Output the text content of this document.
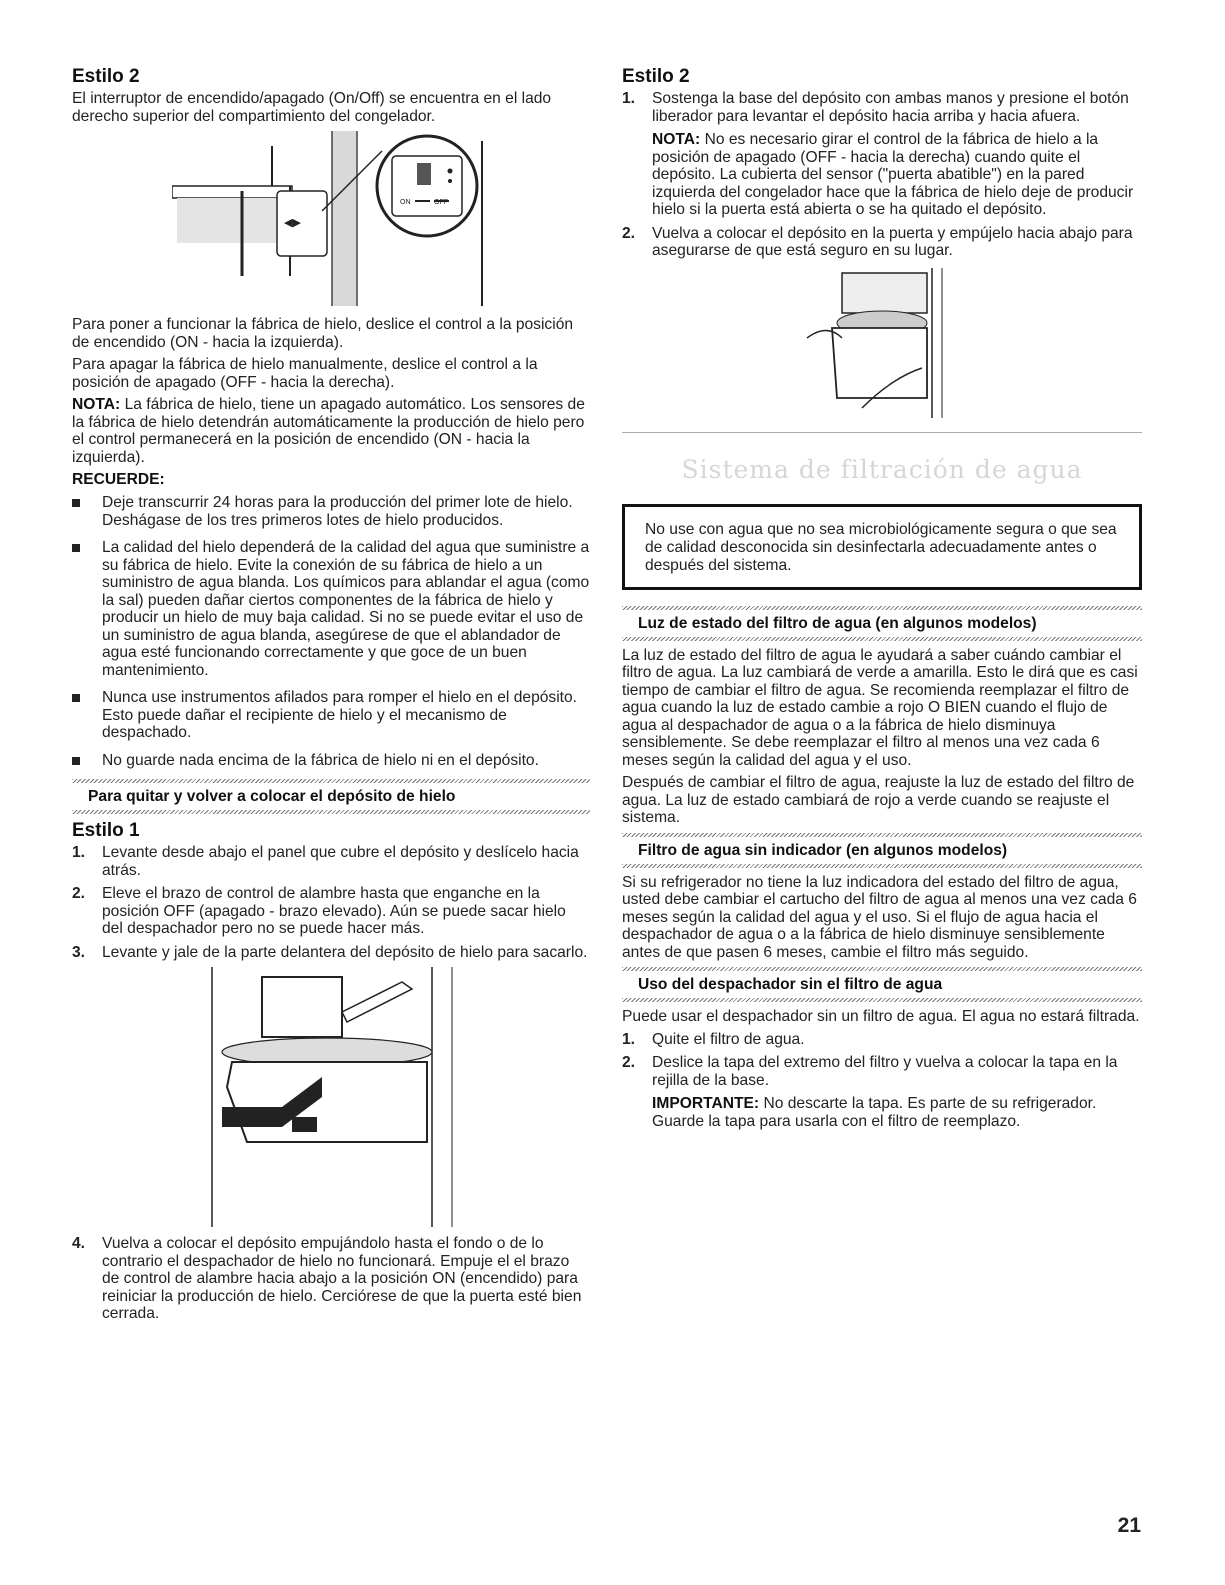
Estilo 2

El interruptor de encendido/apagado (On/Off) se encuentra en el lado derecho superior del compartimiento del congelador.

◀▶
ON	OFF

Para poner a funcionar la fábrica de hielo, deslice el control a la posición de encendido (ON - hacia la izquierda).

Para apagar la fábrica de hielo manualmente, deslice el control a la posición de apagado (OFF - hacia la derecha).

NOTA: La fábrica de hielo, tiene un apagado automático. Los sensores de la fábrica de hielo detendrán automáticamente la producción de hielo pero el control permanecerá en la posición de encendido (ON - hacia la izquierda).

RECUERDE:
Deje transcurrir 24 horas para la producción del primer lote de hielo. Deshágase de los tres primeros lotes de hielo producidos.
La calidad del hielo dependerá de la calidad del agua que suministre a su fábrica de hielo. Evite la conexión de su fábrica de hielo a un suministro de agua blanda. Los químicos para ablandar el agua (como la sal) pueden dañar ciertos componentes de la fábrica de hielo y producir un hielo de muy baja calidad. Si no se puede evitar el uso de un suministro de agua blanda, asegúrese de que el ablandador de agua esté funcionando correctamente y que goce de un buen mantenimiento.
Nunca use instrumentos afilados para romper el hielo en el depósito. Esto puede dañar el recipiente de hielo y el mecanismo de despachado.
No guarde nada encima de la fábrica de hielo ni en el depósito.
Para quitar y volver a colocar el depósito de hielo
Estilo 1
1. Levante desde abajo el panel que cubre el depósito y deslícelo hacia atrás.
2. Eleve el brazo de control de alambre hasta que enganche en la posición OFF (apagado - brazo elevado). Aún se puede sacar hielo del despachador pero no se puede hacer más.
3. Levante y jale de la parte delantera del depósito de hielo para sacarlo.
4. Vuelva a colocar el depósito empujándolo hasta el fondo o de lo contrario el despachador de hielo no funcionará. Empuje el el brazo de control de alambre hacia abajo a la posición ON (encendido) para reiniciar la producción de hielo. Cerciórese de que la puerta esté bien cerrada.
Estilo 2
1. Sostenga la base del depósito con ambas manos y presione el botón liberador para levantar el depósito hacia arriba y hacia afuera.

NOTA: No es necesario girar el control de la fábrica de hielo a la posición de apagado (OFF - hacia la derecha) cuando quite el depósito. La cubierta del sensor ("puerta abatible") en la pared izquierda del congelador hace que la fábrica de hielo deje de producir hielo si la puerta está abierta o se ha quitado el depósito.

2. Vuelva a colocar el depósito en la puerta y empújelo hacia abajo para asegurarse de que está seguro en su lugar.
Sistema de filtración de agua

No use con agua que no sea microbiológicamente segura o que sea de calidad desconocida sin desinfectarla adecuadamente antes o después del sistema.

Luz de estado del filtro de agua (en algunos modelos)

La luz de estado del filtro de agua le ayudará a saber cuándo cambiar el filtro de agua. La luz cambiará de verde a amarilla. Esto le dirá que es casi tiempo de cambiar el filtro de agua. Se recomienda reemplazar el filtro de agua cuando la luz de estado cambie a rojo O BIEN cuando el flujo de agua al despachador de agua o a la fábrica de hielo disminuya sensiblemente. Se debe reemplazar el filtro al menos una vez cada 6 meses según la calidad del agua y el uso.

Después de cambiar el filtro de agua, reajuste la luz de estado del filtro de agua. La luz de estado cambiará de rojo a verde cuando se reajuste el sistema.

Filtro de agua sin indicador (en algunos modelos)

Si su refrigerador no tiene la luz indicadora del estado del filtro de agua, usted debe cambiar el cartucho del filtro de agua al menos una vez cada 6 meses según la calidad del agua y el uso. Si el flujo de agua hacia el despachador de agua o a la fábrica de hielo disminuye sensiblemente antes de que pasen 6 meses, cambie el filtro más seguido.

Uso del despachador sin el filtro de agua

Puede usar el despachador sin un filtro de agua. El agua no estará filtrada.

1. Quite el filtro de agua.
2. Deslice la tapa del extremo del filtro y vuelva a colocar la tapa en la rejilla de la base.

IMPORTANTE: No descarte la tapa. Es parte de su refrigerador. Guarde la tapa para usarla con el filtro de reemplazo.

21
